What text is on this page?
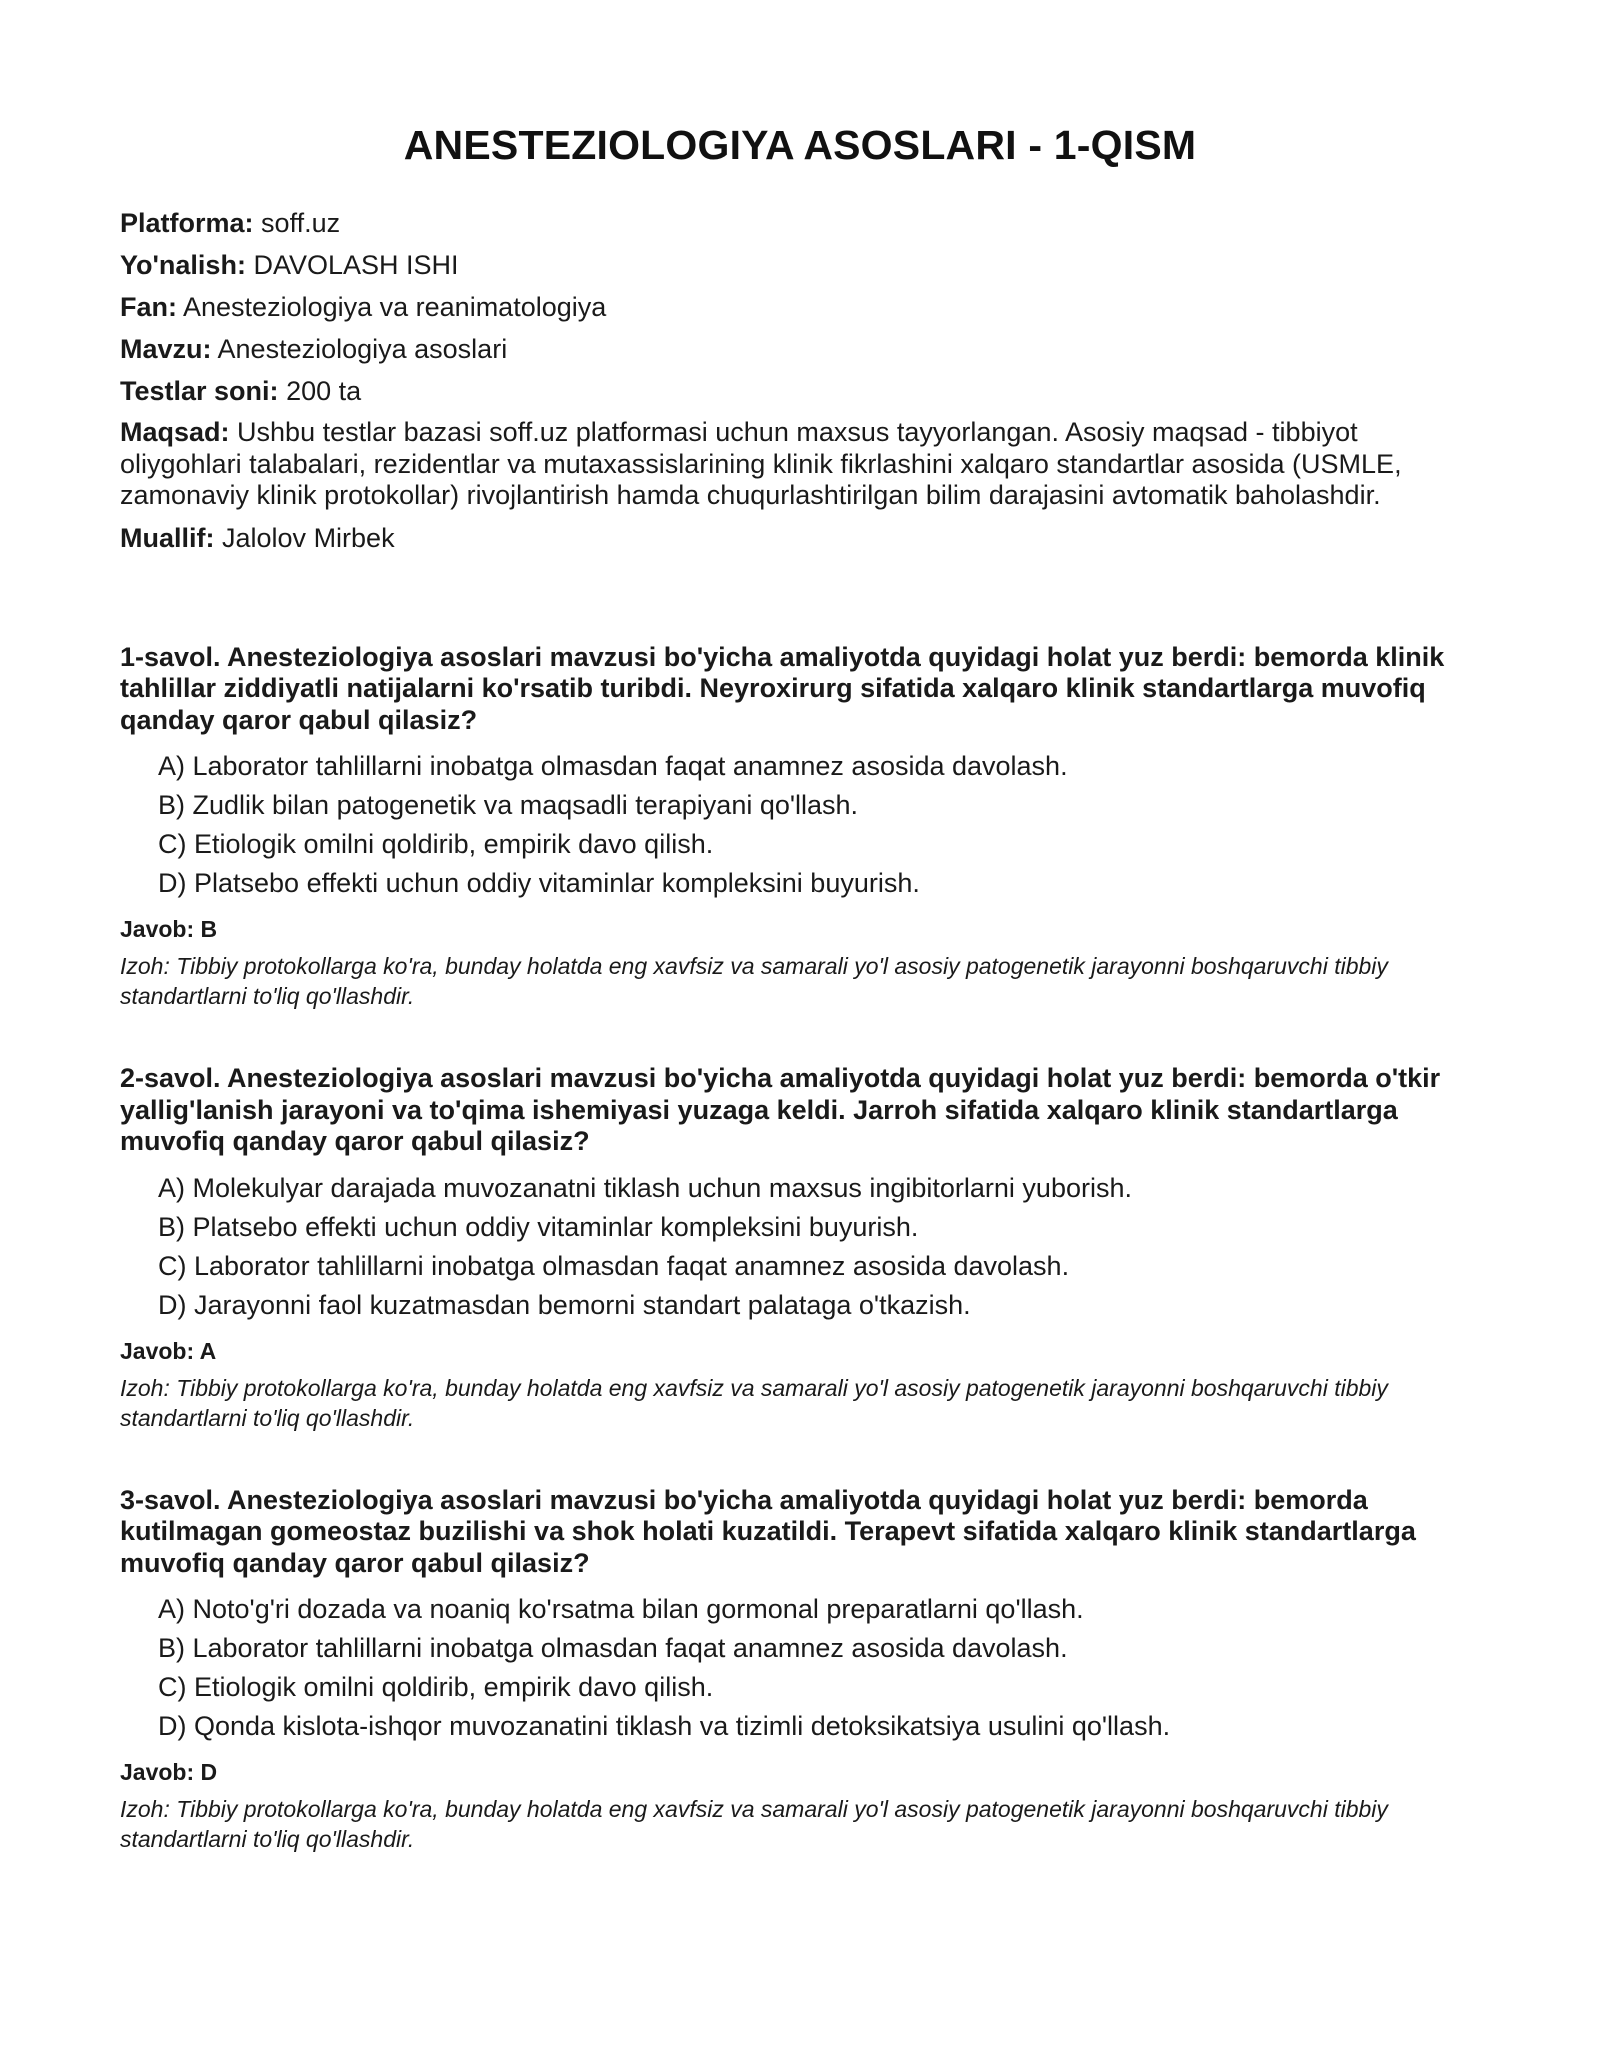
ANESTEZIOLOGIYA ASOSLARI - 1-QISM
Platforma: soff.uz
Yo'nalish: DAVOLASH ISHI
Fan: Anesteziologiya va reanimatologiya
Mavzu: Anesteziologiya asoslari
Testlar soni: 200 ta
Maqsad: Ushbu testlar bazasi soff.uz platformasi uchun maxsus tayyorlangan. Asosiy maqsad - tibbiyot oliygohlari talabalari, rezidentlar va mutaxassislarining klinik fikrlashini xalqaro standartlar asosida (USMLE, zamonaviy klinik protokollar) rivojlantirish hamda chuqurlashtirilgan bilim darajasini avtomatik baholashdir.
Muallif: Jalolov Mirbek

1-savol. Anesteziologiya asoslari mavzusi bo'yicha amaliyotda quyidagi holat yuz berdi: bemorda klinik tahlillar ziddiyatli natijalarni ko'rsatib turibdi. Neyroxirurg sifatida xalqaro klinik standartlarga muvofiq qanday qaror qabul qilasiz?

A) Laborator tahlillarni inobatga olmasdan faqat anamnez asosida davolash.
B) Zudlik bilan patogenetik va maqsadli terapiyani qo'llash.
C) Etiologik omilni qoldirib, empirik davo qilish.
D) Platsebo effekti uchun oddiy vitaminlar kompleksini buyurish.
Javob: B
Izoh: Tibbiy protokollarga ko'ra, bunday holatda eng xavfsiz va samarali yo'l asosiy patogenetik jarayonni boshqaruvchi tibbiy standartlarni to'liq qo'llashdir.

2-savol. Anesteziologiya asoslari mavzusi bo'yicha amaliyotda quyidagi holat yuz berdi: bemorda o'tkir yallig'lanish jarayoni va to'qima ishemiyasi yuzaga keldi. Jarroh sifatida xalqaro klinik standartlarga muvofiq qanday qaror qabul qilasiz?

A) Molekulyar darajada muvozanatni tiklash uchun maxsus ingibitorlarni yuborish.
B) Platsebo effekti uchun oddiy vitaminlar kompleksini buyurish.
C) Laborator tahlillarni inobatga olmasdan faqat anamnez asosida davolash.
D) Jarayonni faol kuzatmasdan bemorni standart palataga o'tkazish.
Javob: A
Izoh: Tibbiy protokollarga ko'ra, bunday holatda eng xavfsiz va samarali yo'l asosiy patogenetik jarayonni boshqaruvchi tibbiy standartlarni to'liq qo'llashdir.

3-savol. Anesteziologiya asoslari mavzusi bo'yicha amaliyotda quyidagi holat yuz berdi: bemorda kutilmagan gomeostaz buzilishi va shok holati kuzatildi. Terapevt sifatida xalqaro klinik standartlarga muvofiq qanday qaror qabul qilasiz?

A) Noto'g'ri dozada va noaniq ko'rsatma bilan gormonal preparatlarni qo'llash.
B) Laborator tahlillarni inobatga olmasdan faqat anamnez asosida davolash.
C) Etiologik omilni qoldirib, empirik davo qilish.
D) Qonda kislota-ishqor muvozanatini tiklash va tizimli detoksikatsiya usulini qo'llash.
Javob: D
Izoh: Tibbiy protokollarga ko'ra, bunday holatda eng xavfsiz va samarali yo'l asosiy patogenetik jarayonni boshqaruvchi tibbiy standartlarni to'liq qo'llashdir.
